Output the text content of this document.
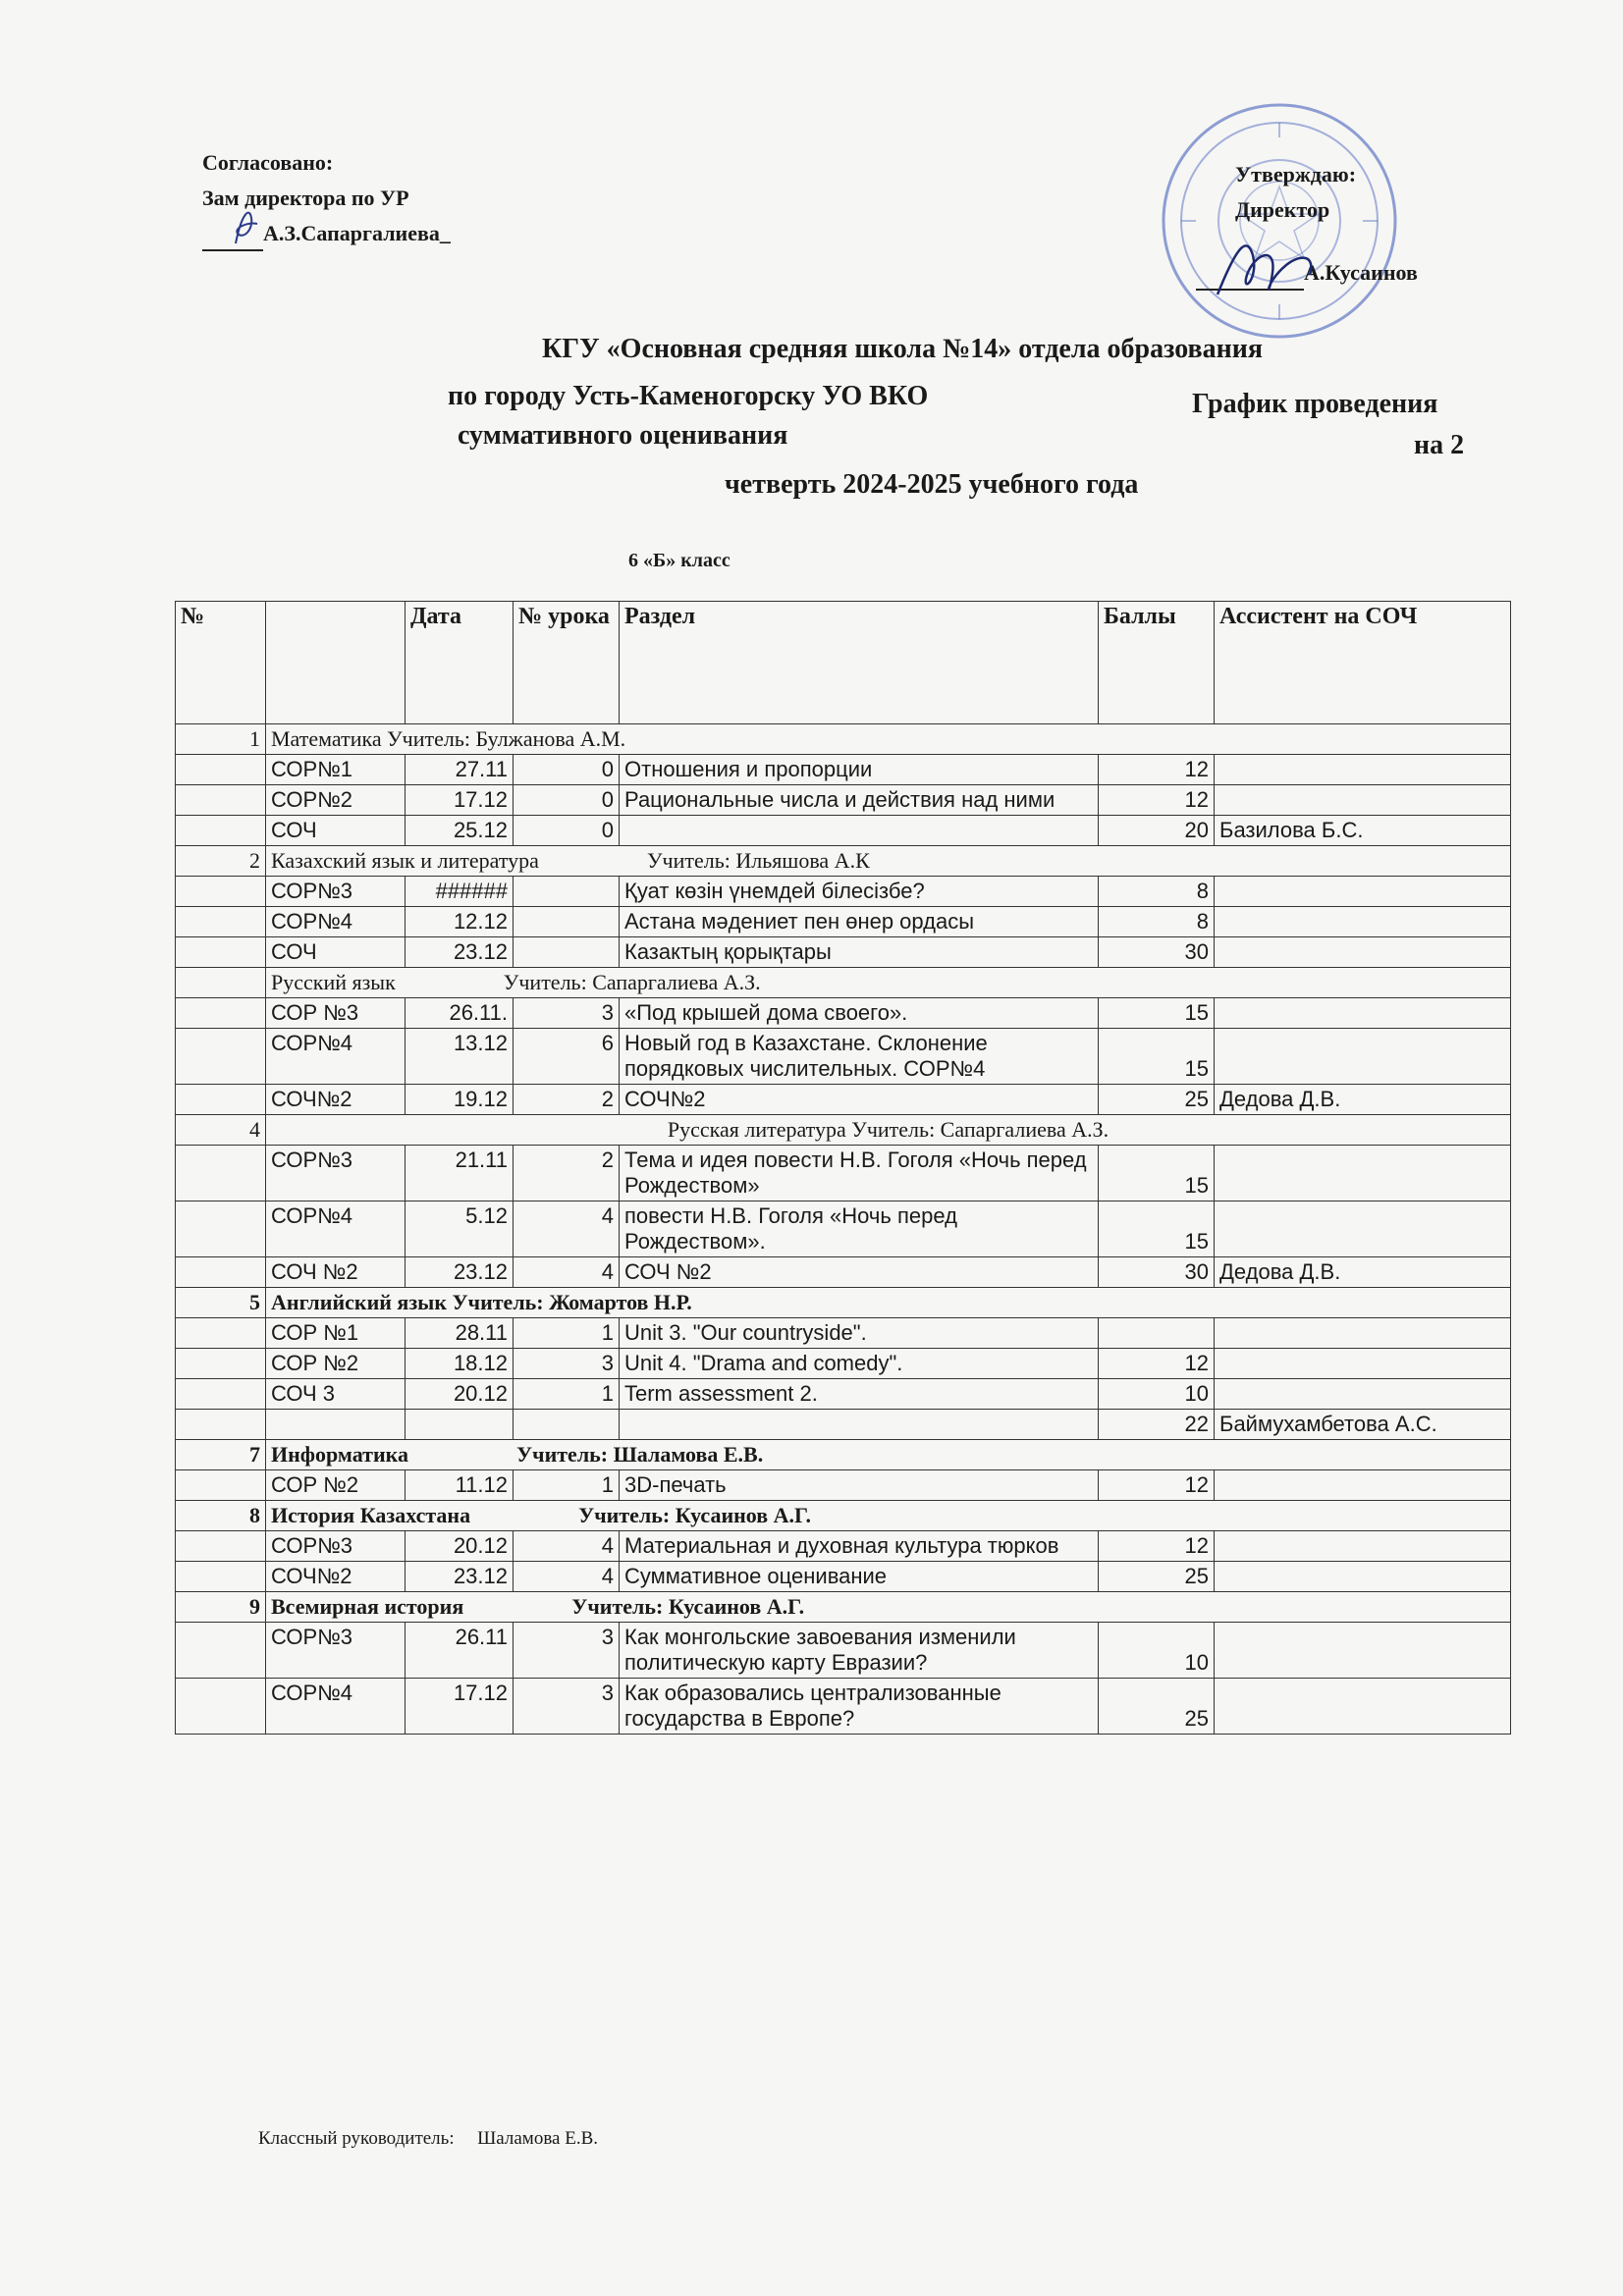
Согласовано:
Зам директора по УР
А.З.Сапаргалиева_
Утверждаю:
Директор
А.Кусаинов
КГУ «Основная средняя школа №14» отдела образования
по городу Усть-Каменогорску УО ВКО	График проведения
суммативного оценивания	на 2
четверть 2024-2025 учебного года
6 «Б» класс
№		Дата	№ урока	Раздел	Баллы	Ассистент на СОЧ
1	Математика Учитель: Булжанова А.М.					
	СОР№1	27.11	0	Отношения и пропорции	12	
	СОР№2	17.12	0	Рациональные числа и действия над ними	12	
	СОЧ	25.12	0		20	Базилова Б.С.
2	Казахский язык и литература Учитель: Ильяшова А.К					
	СОР№3	######		Қуат көзін үнемдей білесізбе?	8	
	СОР№4	12.12		Астана мәдениет пен өнер ордасы	8	
	СОЧ	23.12		Казактың қорықтары	30	
	Русский язык Учитель: Сапаргалиева А.З.					
	СОР №3	26.11.	3	«Под крышей дома своего».	15	
	СОР№4	13.12	6	Новый год в Казахстане. Склонение порядковых числительных. СОР№4	15	
	СОЧ№2	19.12	2	СОЧ№2	25	Дедова Д.В.
4	Русская литература Учитель: Сапаргалиева А.З.					
	СОР№3	21.11	2	Тема и идея повести Н.В. Гоголя «Ночь перед Рождеством»	15	
	СОР№4	5.12	4	повести Н.В. Гоголя «Ночь перед Рождеством».	15	
	СОЧ №2	23.12	4	СОЧ №2	30	Дедова Д.В.
5	Английский язык Учитель: Жомартов Н.Р.					
	СОР №1	28.11	1	Unit 3. "Our countryside".		
	СОР №2	18.12	3	Unit 4. "Drama and comedy".	12	
	СОЧ 3	20.12	1	Term assessment 2.	10	
					22	Баймухамбетова А.С.
7	Информатика Учитель: Шаламова Е.В.					
	СОР №2	11.12	1	3D-печать	12	
8	История Казахстана Учитель: Кусаинов А.Г.					
	СОР№3	20.12	4	Материальная и духовная культура тюрков	12	
	СОЧ№2	23.12	4	Суммативное оценивание	25	
9	Всемирная история Учитель: Кусаинов А.Г.					
	СОР№3	26.11	3	Как монгольские завоевания изменили политическую карту Евразии?	10	
	СОР№4	17.12	3	Как образовались централизованные государства в Европе?	25	
Классный руководитель: Шаламова Е.В.
